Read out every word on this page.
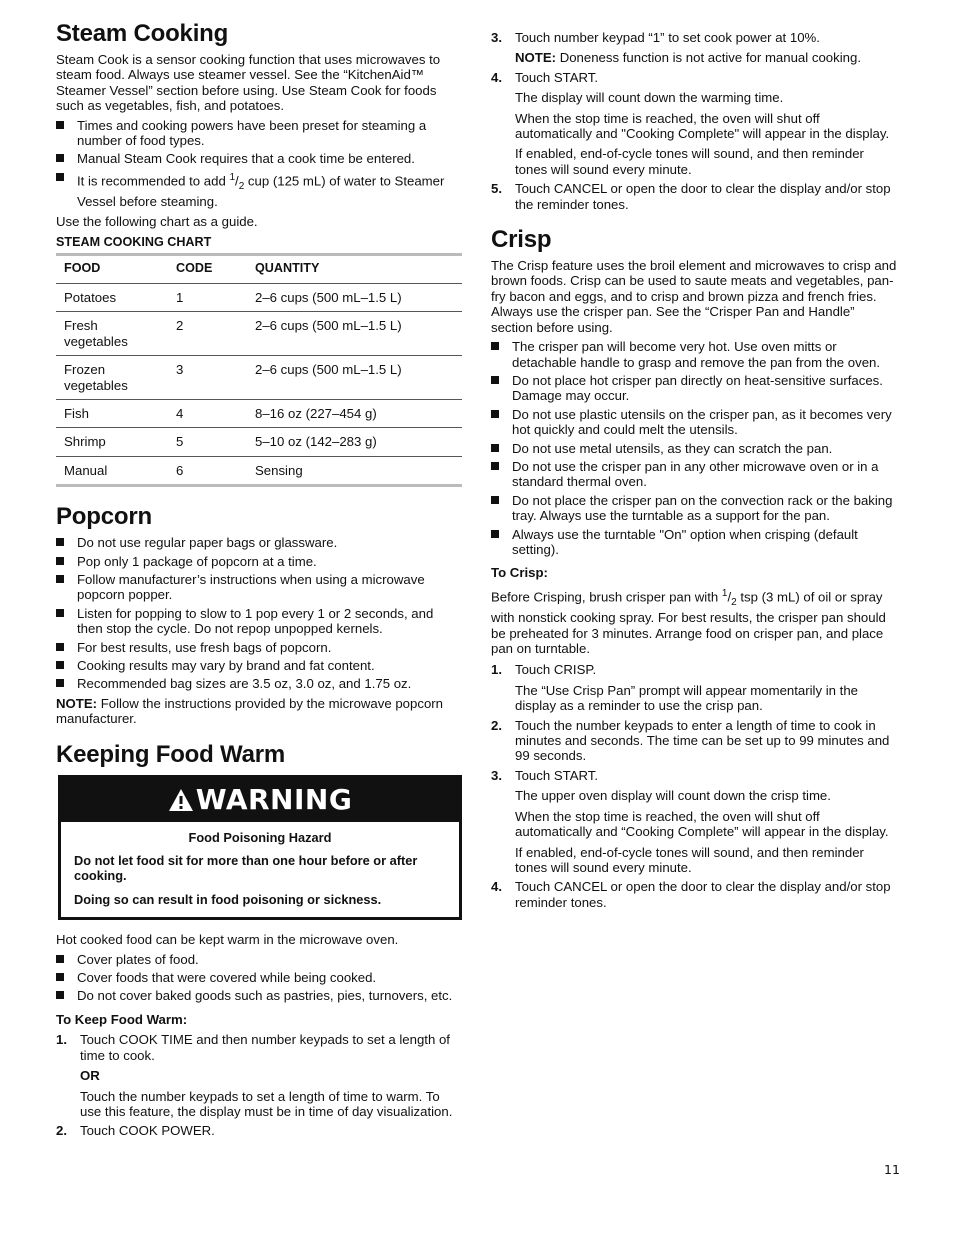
Steam Cooking

Steam Cook is a sensor cooking function that uses microwaves to steam food. Always use steamer vessel. See the “KitchenAid™ Steamer Vessel” section before using. Use Steam Cook for foods such as vegetables, fish, and potatoes.

Times and cooking powers have been preset for steaming a number of food types.
Manual Steam Cook requires that a cook time be entered.
It is recommended to add $^1/_2$ cup (125 mL) of water to Steamer Vessel before steaming.

Use the following chart as a guide.

STEAM COOKING CHART
FOOD	CODE	QUANTITY
Potatoes	1	2–6 cups (500 mL–1.5 L)
Fresh vegetables	2	2–6 cups (500 mL–1.5 L)
Frozen vegetables	3	2–6 cups (500 mL–1.5 L)
Fish	4	8–16 oz (227–454 g)
Shrimp	5	5–10 oz (142–283 g)
Manual	6	Sensing
Popcorn
Do not use regular paper bags or glassware.
Pop only 1 package of popcorn at a time.
Follow manufacturer’s instructions when using a microwave popcorn popper.
Listen for popping to slow to 1 pop every 1 or 2 seconds, and then stop the cycle. Do not repop unpopped kernels.
For best results, use fresh bags of popcorn.
Cooking results may vary by brand and fat content.
Recommended bag sizes are 3.5 oz, 3.0 oz, and 1.75 oz.

NOTE: Follow the instructions provided by the microwave popcorn manufacturer.

Keeping Food Warm
WARNING
Food Poisoning Hazard

Do not let food sit for more than one hour before or after cooking.

Doing so can result in food poisoning or sickness.

Hot cooked food can be kept warm in the microwave oven.

Cover plates of food.
Cover foods that were covered while being cooked.
Do not cover baked goods such as pastries, pies, turnovers, etc.
To Keep Food Warm:
1. Touch COOK TIME and then number keypads to set a length of time to cook.
OR
Touch the number keypads to set a length of time to warm. To use this feature, the display must be in time of day visualization.
2. Touch COOK POWER.
3. Touch number keypad “1” to set cook power at 10%.
NOTE: Doneness function is not active for manual cooking.
4. Touch START.
The display will count down the warming time.
When the stop time is reached, the oven will shut off automatically and "Cooking Complete" will appear in the display.
If enabled, end-of-cycle tones will sound, and then reminder tones will sound every minute.
5. Touch CANCEL or open the door to clear the display and/or stop the reminder tones.
Crisp

The Crisp feature uses the broil element and microwaves to crisp and brown foods. Crisp can be used to saute meats and vegetables, pan-fry bacon and eggs, and to crisp and brown pizza and french fries. Always use the crisper pan. See the “Crisper Pan and Handle” section before using.

The crisper pan will become very hot. Use oven mitts or detachable handle to grasp and remove the pan from the oven.
Do not place hot crisper pan directly on heat-sensitive surfaces. Damage may occur.
Do not use plastic utensils on the crisper pan, as it becomes very hot quickly and could melt the utensils.
Do not use metal utensils, as they can scratch the pan.
Do not use the crisper pan in any other microwave oven or in a standard thermal oven.
Do not place the crisper pan on the convection rack or the baking tray. Always use the turntable as a support for the pan.
Always use the turntable "On" option when crisping (default setting).
To Crisp:

Before Crisping, brush crisper pan with $^1/_2$ tsp (3 mL) of oil or spray with nonstick cooking spray. For best results, the crisper pan should be preheated for 3 minutes. Arrange food on crisper pan, and place pan on turntable.

1. Touch CRISP.
The “Use Crisp Pan” prompt will appear momentarily in the display as a reminder to use the crisp pan.
2. Touch the number keypads to enter a length of time to cook in minutes and seconds. The time can be set up to 99 minutes and 99 seconds.
3. Touch START.
The upper oven display will count down the crisp time.
When the stop time is reached, the oven will shut off automatically and “Cooking Complete” will appear in the display.
If enabled, end-of-cycle tones will sound, and then reminder tones will sound every minute.
4. Touch CANCEL or open the door to clear the display and/or stop reminder tones.
11
